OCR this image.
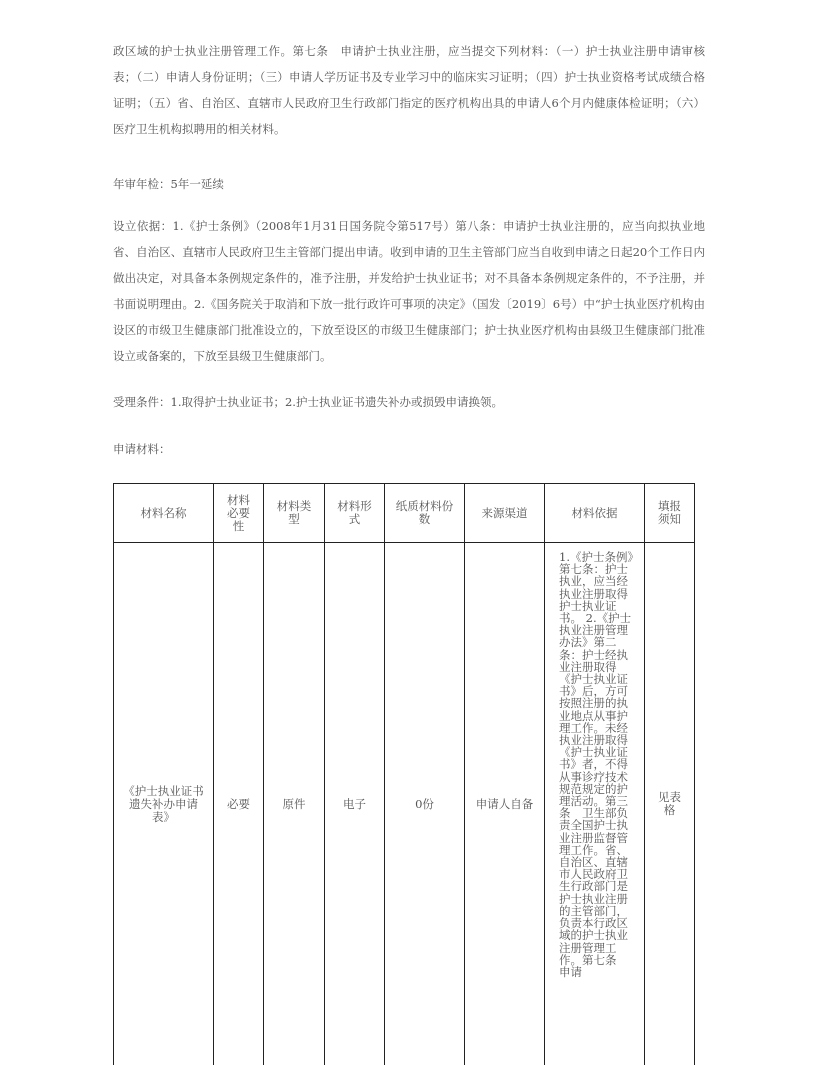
政区域的护士执业注册管理工作。第七条　申请护士执业注册，应当提交下列材料：（一）护士执业注册申请审核表；（二）申请人身份证明；（三）申请人学历证书及专业学习中的临床实习证明；（四）护士执业资格考试成绩合格证明；（五）省、自治区、直辖市人民政府卫生行政部门指定的医疗机构出具的申请人6个月内健康体检证明；（六）医疗卫生机构拟聘用的相关材料。

年审年检：5年一延续

设立依据：1.《护士条例》（2008年1月31日国务院令第517号）第八条：申请护士执业注册的，应当向拟执业地省、自治区、直辖市人民政府卫生主管部门提出申请。收到申请的卫生主管部门应当自收到申请之日起20个工作日内做出决定，对具备本条例规定条件的，准予注册，并发给护士执业证书；对不具备本条例规定条件的，不予注册，并书面说明理由。2.《国务院关于取消和下放一批行政许可事项的决定》（国发〔2019〕6号）中“护士执业医疗机构由设区的市级卫生健康部门批准设立的，下放至设区的市级卫生健康部门；护士执业医疗机构由县级卫生健康部门批准设立或备案的，下放至县级卫生健康部门。

受理条件：1.取得护士执业证书；2.护士执业证书遗失补办或损毁申请换领。

申请材料：

材料名称	材料必要性	材料类型	材料形式	纸质材料份数	来源渠道	材料依据	填报须知

《护士执业证书遗失补办申请表》	必要	原件	电子	0份	申请人自备	1.《护士条例》第七条：护士执业，应当经执业注册取得护士执业证书。 2.《护士执业注册管理办法》第二条：护士经执业注册取得《护士执业证书》后，方可按照注册的执业地点从事护理工作。未经执业注册取得《护士执业证书》者，不得从事诊疗技术规范规定的护理活动。第三条　卫生部负责全国护士执业注册监督管理工作。省、自治区、直辖市人民政府卫生行政部门是护士执业注册的主管部门，负责本行政区域的护士执业注册管理工作。第七条　申请	见表格
